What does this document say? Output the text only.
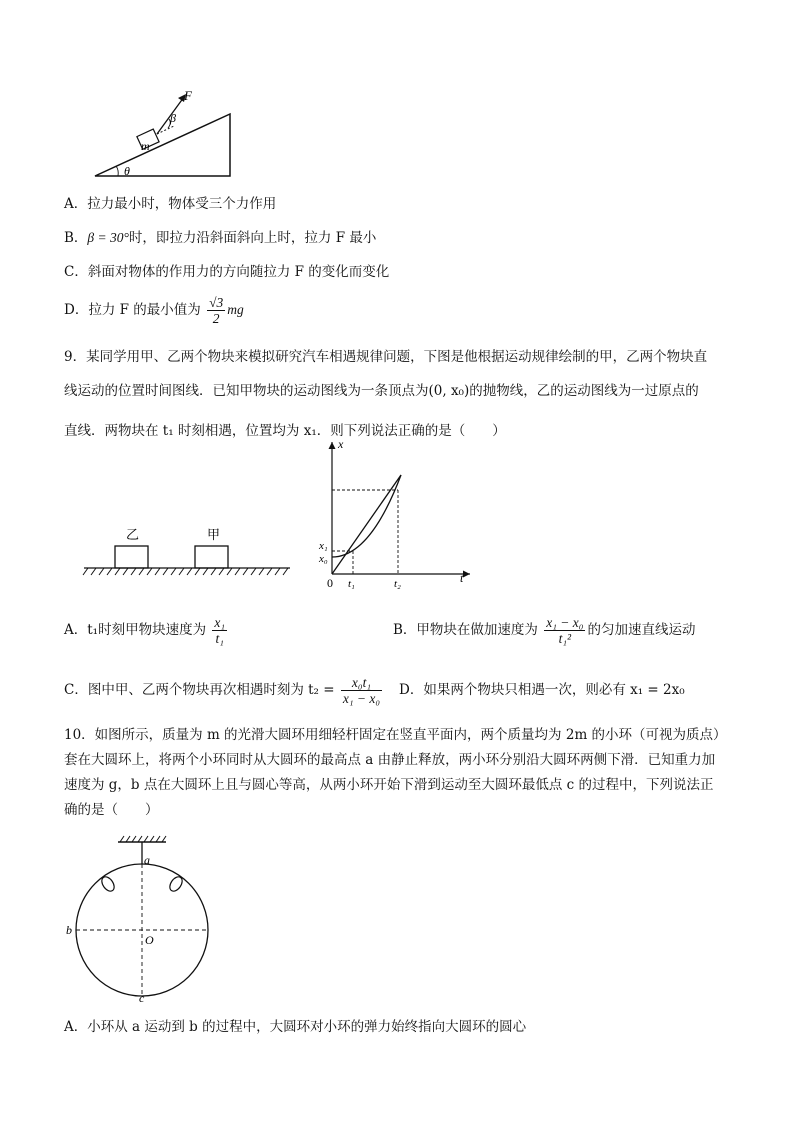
m
F
β
θ
A．拉力最小时，物体受三个力作用
B．β = 30°时，即拉力沿斜面斜向上时，拉力 F 最小
C．斜面对物体的作用力的方向随拉力 F 的变化而变化
D．拉力 F 的最小值为 $\frac{√3}{2}$ mg
9．某同学用甲、乙两个物块来模拟研究汽车相遇规律问题，下图是他根据运动规律绘制的甲，乙两个物块直
线运动的位置时间图线．已知甲物块的运动图线为一条顶点为(0, x₀)的抛物线，乙的运动图线为一过原点的
直线．两物块在 t₁ 时刻相遇，位置均为 x₁．则下列说法正确的是（　　）
乙	甲
x
t
0
x₁
x₀
t₁	t₂
A．t₁时刻甲物块速度为 $\frac{\text{x₁}}{\text{t₁}}$	B．甲物块在做加速度为 $\frac{\text{x₁ − x₀}}{\text{t₁²}}$ 的匀加速直线运动
C．图中甲、乙两个物块再次相遇时刻为 $t_2 = \frac{\text{x₀t₁}}{\text{x₁ − x₀}}$ D．如果两个物块只相遇一次，则必有 x₁ = 2x₀
10．如图所示，质量为 m 的光滑大圆环用细轻杆固定在竖直平面内，两个质量均为 2m 的小环（可视为质点）
套在大圆环上，将两个小环同时从大圆环的最高点 a 由静止释放，两小环分别沿大圆环两侧下滑．已知重力加
速度为 g，b 点在大圆环上且与圆心等高，从两小环开始下滑到运动至大圆环最低点 c 的过程中，下列说法正
确的是（　　）
a
b
O
c
A．小环从 a 运动到 b 的过程中，大圆环对小环的弹力始终指向大圆环的圆心
